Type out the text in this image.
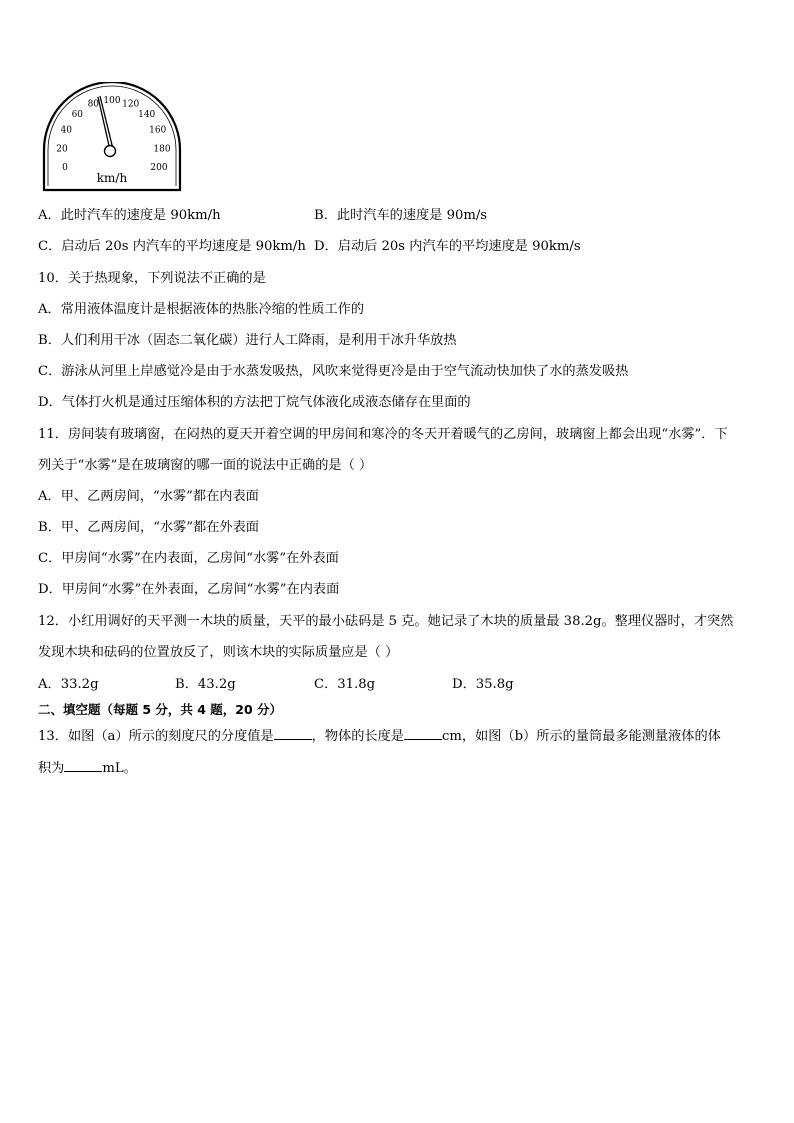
0
20
40
60
80 100 120
140
160
180
200
km/h
A．此时汽车的速度是 90km/h	B．此时汽车的速度是 90m/s
C．启动后 20s 内汽车的平均速度是 90km/h D．启动后 20s 内汽车的平均速度是 90km/s
10．关于热现象，下列说法不正确的是
A．常用液体温度计是根据液体的热胀冷缩的性质工作的
B．人们利用干冰（固态二氧化碳）进行人工降雨，是利用干冰升华放热
C．游泳从河里上岸感觉冷是由于水蒸发吸热，风吹来觉得更冷是由于空气流动快加快了水的蒸发吸热
D．气体打火机是通过压缩体积的方法把丁烷气体液化成液态储存在里面的
11．房间装有玻璃窗，在闷热的夏天开着空调的甲房间和寒冷的冬天开着暖气的乙房间，玻璃窗上都会出现“水雾”．下
列关于“水雾”是在玻璃窗的哪一面的说法中正确的是（ ）
A．甲、乙两房间，“水雾”都在内表面
B．甲、乙两房间，“水雾”都在外表面
C．甲房间“水雾”在内表面，乙房间“水雾”在外表面
D．甲房间“水雾”在外表面，乙房间“水雾”在内表面
12．小红用调好的天平测一木块的质量，天平的最小砝码是 5 克。她记录了木块的质量最 38.2g。整理仪器时，才突然
发现木块和砝码的位置放反了，则该木块的实际质量应是（ ）
A．33.2g	B．43.2g	C．31.8g	D．35.8g
二、填空题（每题 5 分，共 4 题，20 分）
13．如图（a）所示的刻度尺的分度值是	，物体的长度是	cm，如图（b）所示的量筒最多能测量液体的体
积为	mL。
